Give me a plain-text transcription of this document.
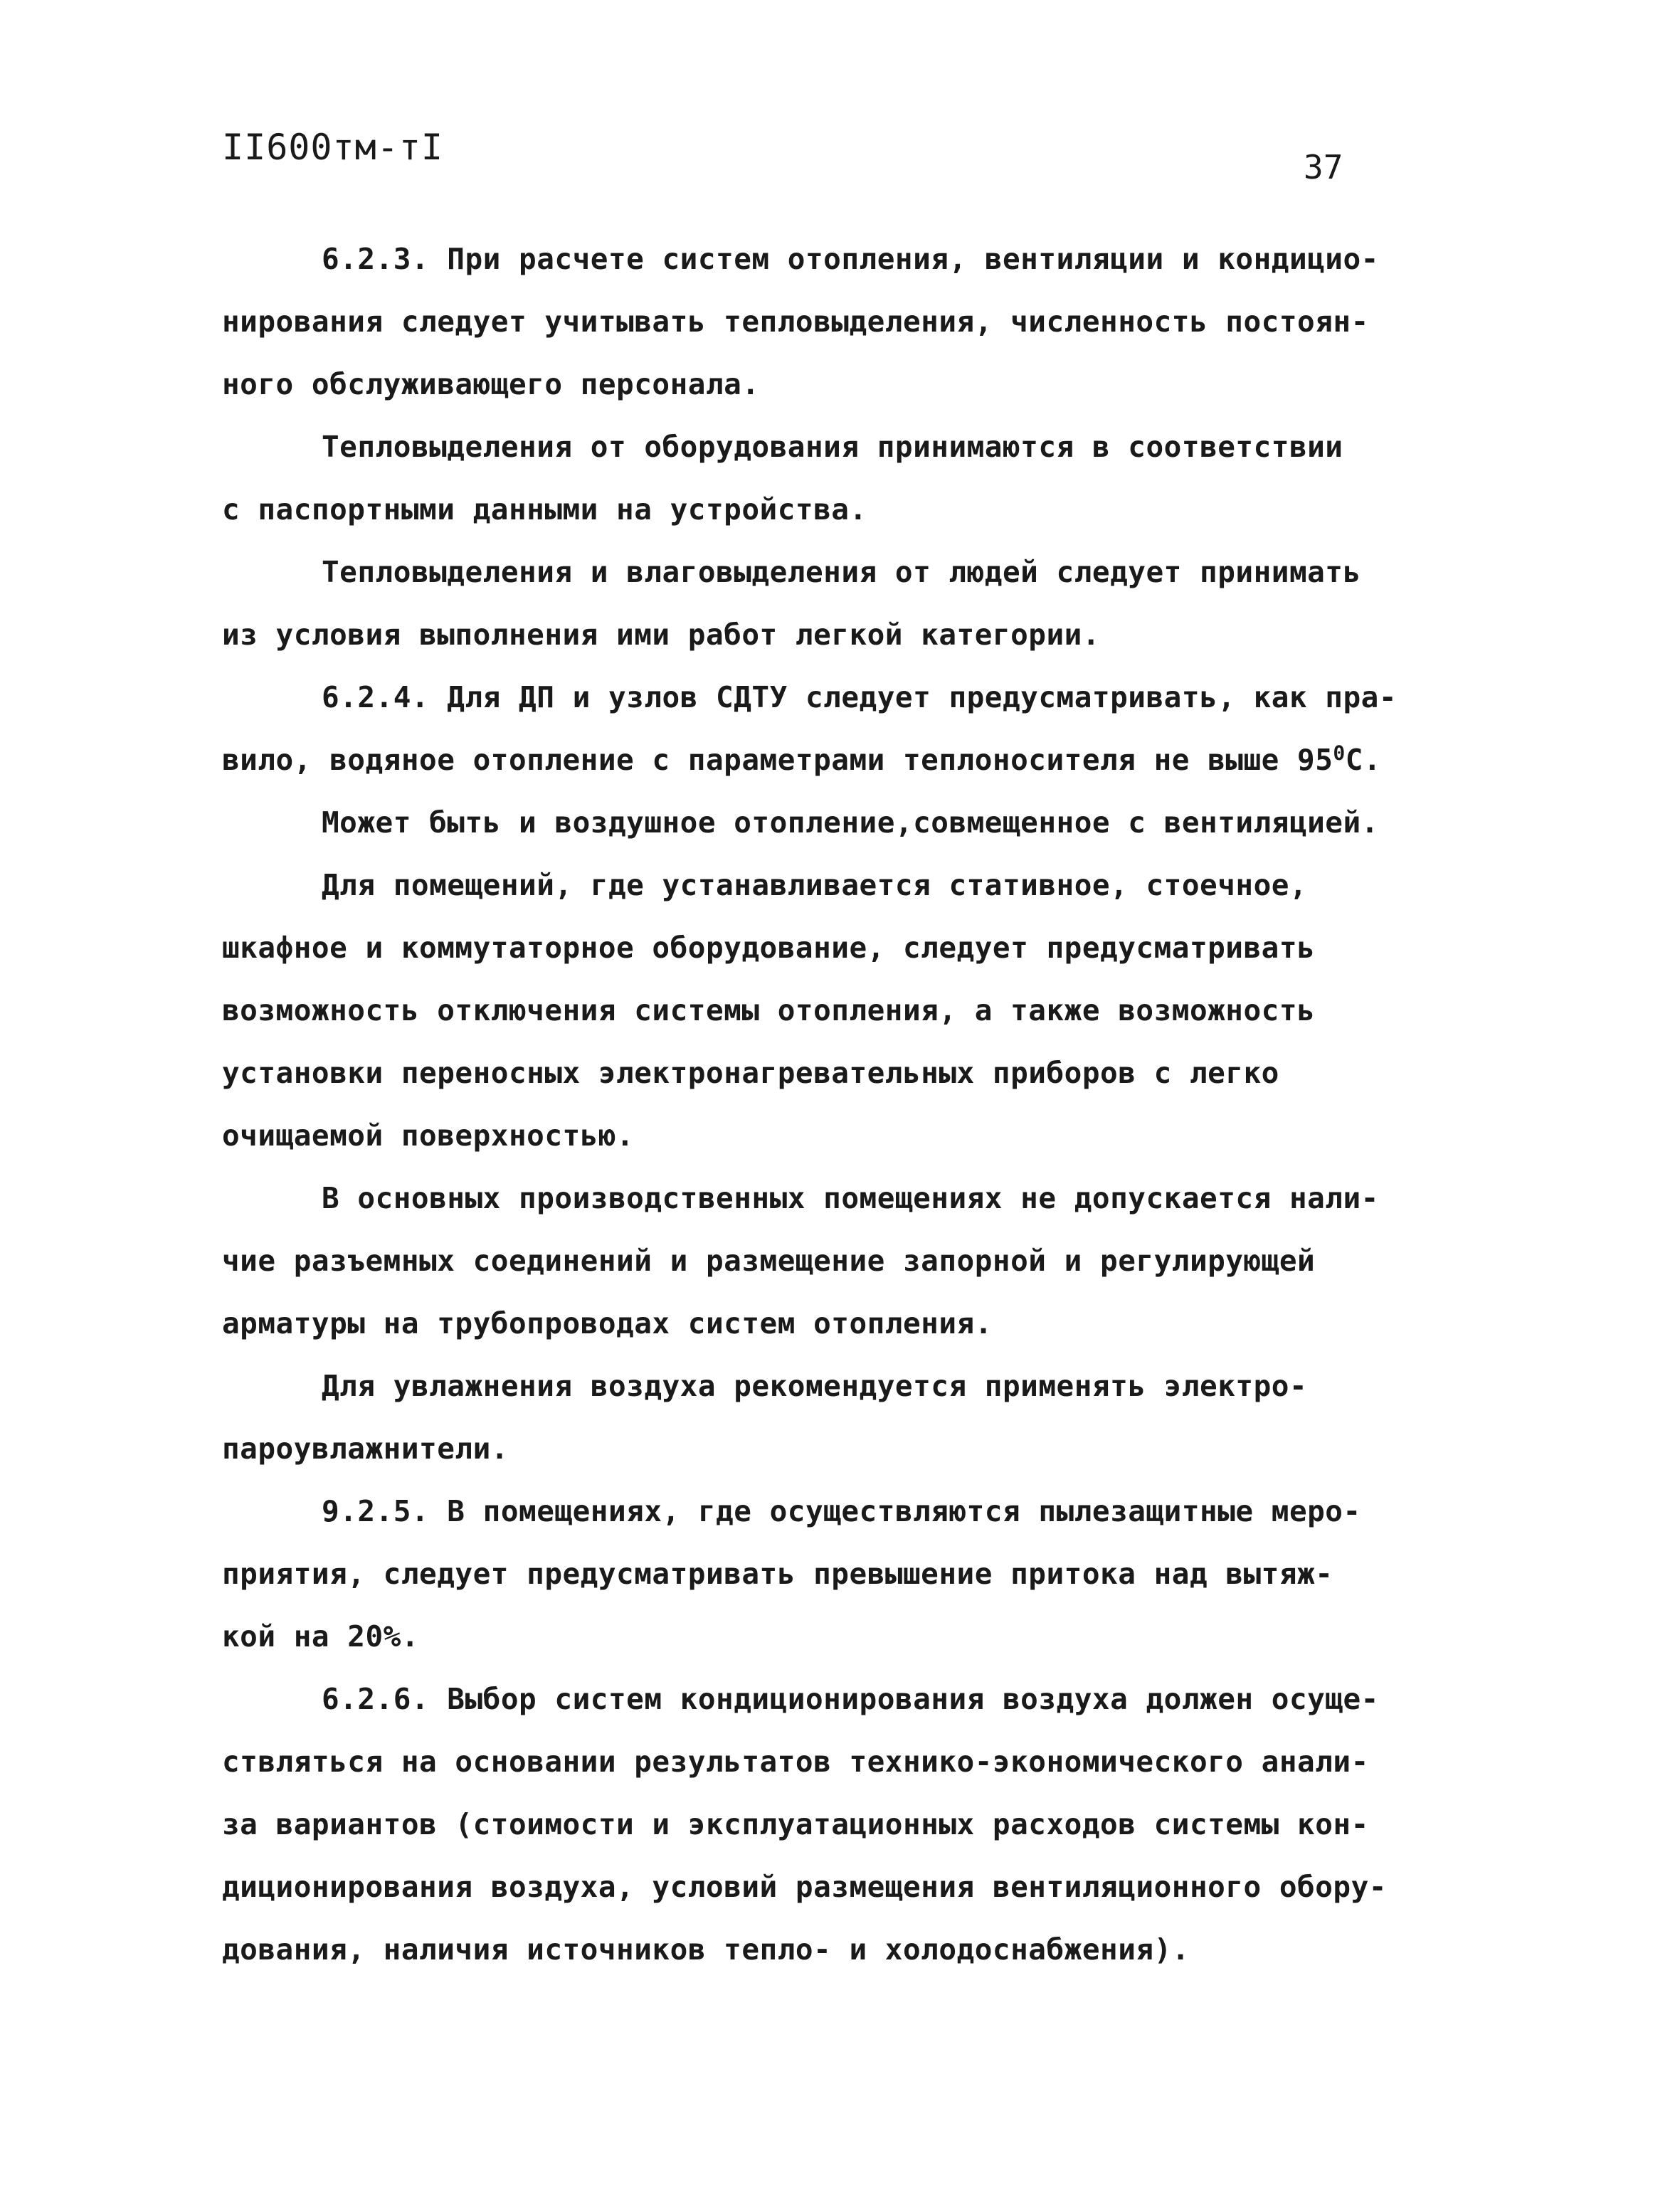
II600тм-тI	37
6.2.3. При расчете систем отопления, вентиляции и кондицио-
нирования следует учитывать тепловыделения, численность постоян-
ного обслуживающего персонала.
Тепловыделения от оборудования принимаются в соответствии
с паспортными данными на устройства.
Тепловыделения и влаговыделения от людей следует принимать
из условия выполнения ими работ легкой категории.
6.2.4. Для ДП и узлов СДТУ следует предусматривать, как пра-
вило, водяное отопление с параметрами теплоносителя не выше $95^0С$.
Может быть и воздушное отопление,совмещенное с вентиляцией.
Для помещений, где устанавливается стативное, стоечное,
шкафное и коммутаторное оборудование, следует предусматривать
возможность отключения системы отопления, а также возможность
установки переносных электронагревательных приборов с легко
очищаемой поверхностью.
В основных производственных помещениях не допускается нали-
чие разъемных соединений и размещение запорной и регулирующей
арматуры на трубопроводах систем отопления.
Для увлажнения воздуха рекомендуется применять электро-
пароувлажнители.
9.2.5. В помещениях, где осуществляются пылезащитные меро-
приятия, следует предусматривать превышение притока над вытяж-
кой на 20%.
6.2.6. Выбор систем кондиционирования воздуха должен осуще-
ствляться на основании результатов технико-экономического анали-
за вариантов (стоимости и эксплуатационных расходов системы кон-
диционирования воздуха, условий размещения вентиляционного обору-
дования, наличия источников тепло- и холодоснабжения).
